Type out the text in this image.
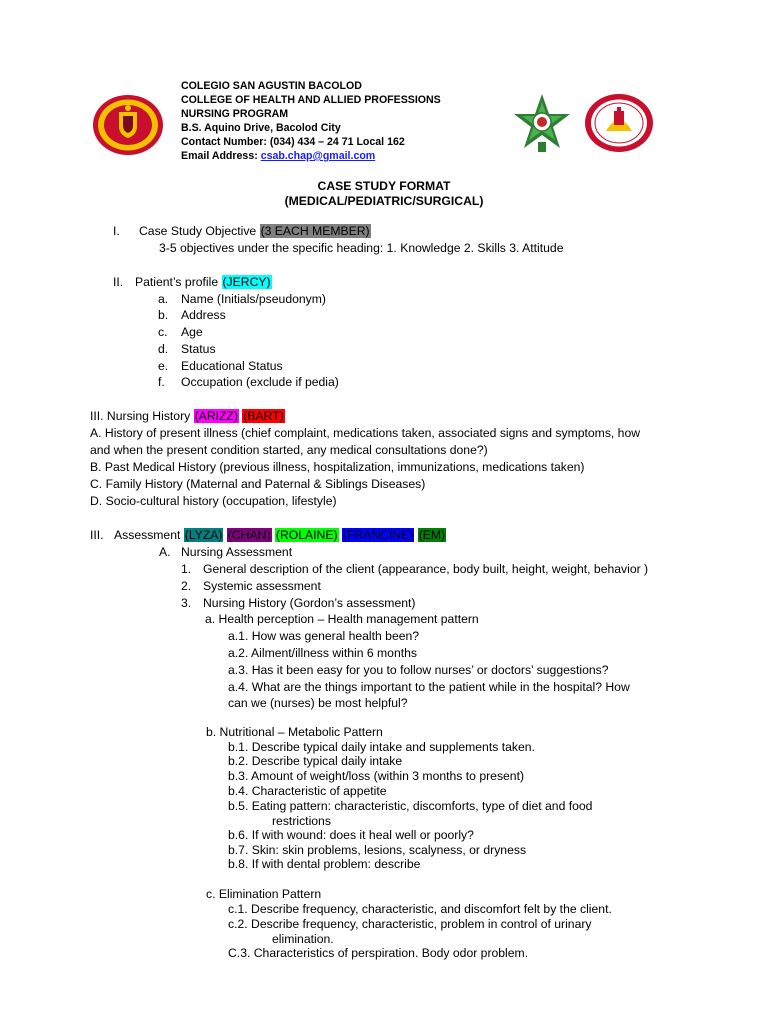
COLEGIO SAN AGUSTIN BACOLOD
COLLEGE OF HEALTH AND ALLIED PROFESSIONS
NURSING PROGRAM
B.S. Aquino Drive, Bacolod City
Contact Number: (034) 434 – 24 71 Local 162
Email Address: csab.chap@gmail.com
CASE STUDY FORMAT
(MEDICAL/PEDIATRIC/SURGICAL)
I. Case Study Objective (3 EACH MEMBER)
3-5 objectives under the specific heading: 1. Knowledge 2. Skills 3. Attitude
II. Patient’s profile (JERCY)
a. Name (Initials/pseudonym)
b. Address
c. Age
d. Status
e. Educational Status
f. Occupation (exclude if pedia)
III. Nursing History (ARIZZ) (BART)
A. History of present illness (chief complaint, medications taken, associated signs and symptoms, how
and when the present condition started, any medical consultations done?)
B. Past Medical History (previous illness, hospitalization, immunizations, medications taken)
C. Family History (Maternal and Paternal & Siblings Diseases)
D. Socio-cultural history (occupation, lifestyle)
III. Assessment (LYZA) (CHAN) (ROLAINE) (FRANCINE) (EM)
A. Nursing Assessment
1. General description of the client (appearance, body built, height, weight, behavior )
2. Systemic assessment
3. Nursing History (Gordon’s assessment)
a. Health perception – Health management pattern
a.1. How was general health been?
a.2. Ailment/illness within 6 months
a.3. Has it been easy for you to follow nurses’ or doctors’ suggestions?
a.4. What are the things important to the patient while in the hospital? How
can we (nurses) be most helpful?
b. Nutritional – Metabolic Pattern
b.1. Describe typical daily intake and supplements taken.
b.2. Describe typical daily intake
b.3. Amount of weight/loss (within 3 months to present)
b.4. Characteristic of appetite
b.5. Eating pattern: characteristic, discomforts, type of diet and food
restrictions
b.6. If with wound: does it heal well or poorly?
b.7. Skin: skin problems, lesions, scalyness, or dryness
b.8. If with dental problem: describe
c. Elimination Pattern
c.1. Describe frequency, characteristic, and discomfort felt by the client.
c.2. Describe frequency, characteristic, problem in control of urinary
elimination.
C.3. Characteristics of perspiration. Body odor problem.
